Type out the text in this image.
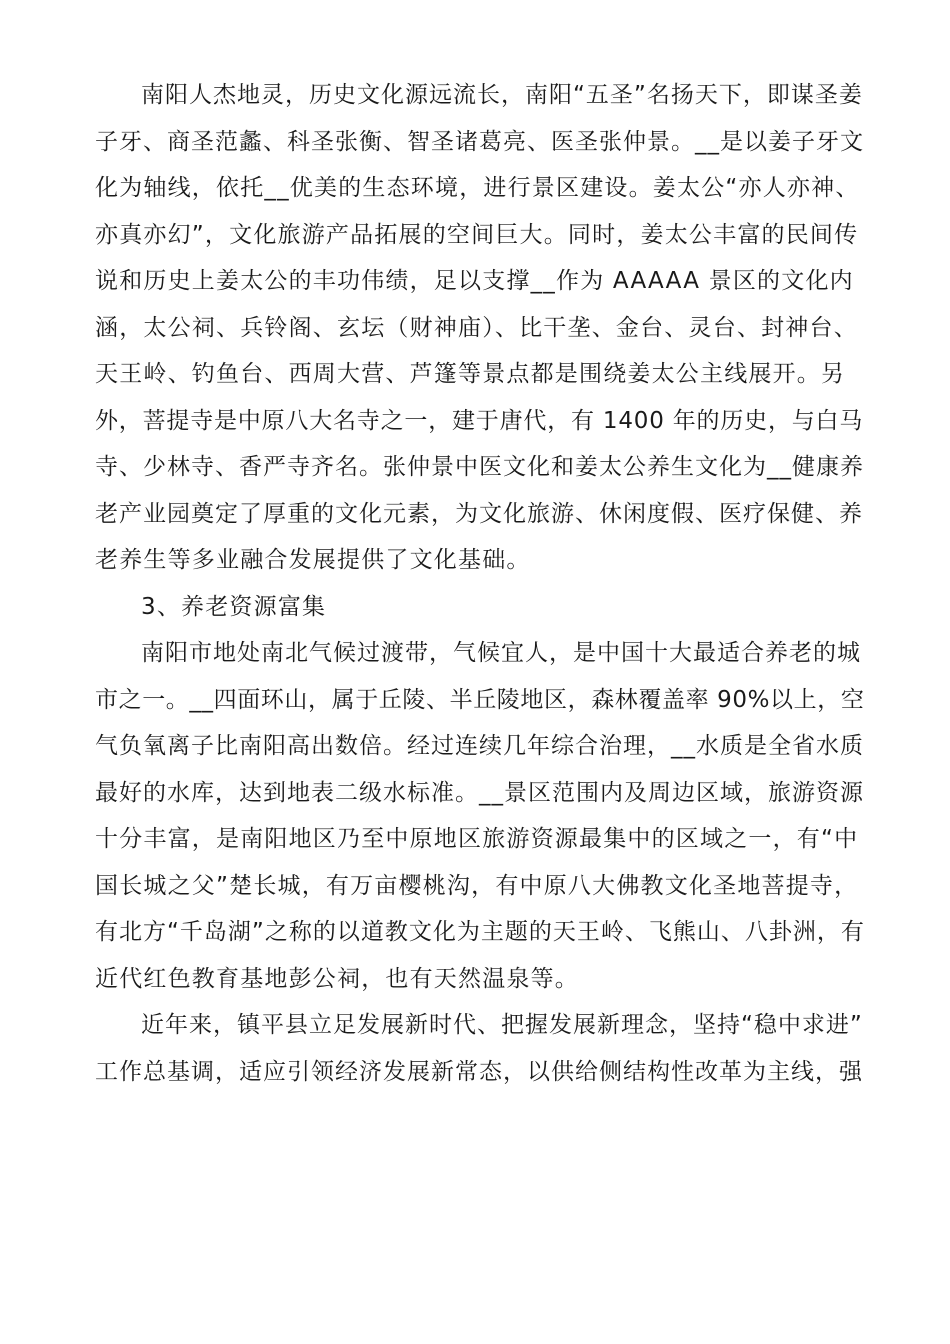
南阳人杰地灵，历史文化源远流长，南阳“五圣”名扬天下，即谋圣姜
子牙、商圣范蠡、科圣张衡、智圣诸葛亮、医圣张仲景。__是以姜子牙文
化为轴线，依托__优美的生态环境，进行景区建设。姜太公“亦人亦神、
亦真亦幻”，文化旅游产品拓展的空间巨大。同时，姜太公丰富的民间传
说和历史上姜太公的丰功伟绩，足以支撑__作为 AAAAA 景区的文化内
涵，太公祠、兵铃阁、玄坛（财神庙）、比干垄、金台、灵台、封神台、
天王岭、钓鱼台、西周大营、芦篷等景点都是围绕姜太公主线展开。另
外，菩提寺是中原八大名寺之一，建于唐代，有 1400 年的历史，与白马
寺、少林寺、香严寺齐名。张仲景中医文化和姜太公养生文化为__健康养
老产业园奠定了厚重的文化元素，为文化旅游、休闲度假、医疗保健、养
老养生等多业融合发展提供了文化基础。
3、养老资源富集
南阳市地处南北气候过渡带，气候宜人，是中国十大最适合养老的城
市之一。__四面环山，属于丘陵、半丘陵地区，森林覆盖率 90%以上，空
气负氧离子比南阳高出数倍。经过连续几年综合治理，__水质是全省水质
最好的水库，达到地表二级水标准。__景区范围内及周边区域，旅游资源
十分丰富，是南阳地区乃至中原地区旅游资源最集中的区域之一，有“中
国长城之父”楚长城，有万亩樱桃沟，有中原八大佛教文化圣地菩提寺，
有北方“千岛湖”之称的以道教文化为主题的天王岭、飞熊山、八卦洲，有
近代红色教育基地彭公祠，也有天然温泉等。
近年来，镇平县立足发展新时代、把握发展新理念，坚持“稳中求进”
工作总基调，适应引领经济发展新常态，以供给侧结构性改革为主线，强
